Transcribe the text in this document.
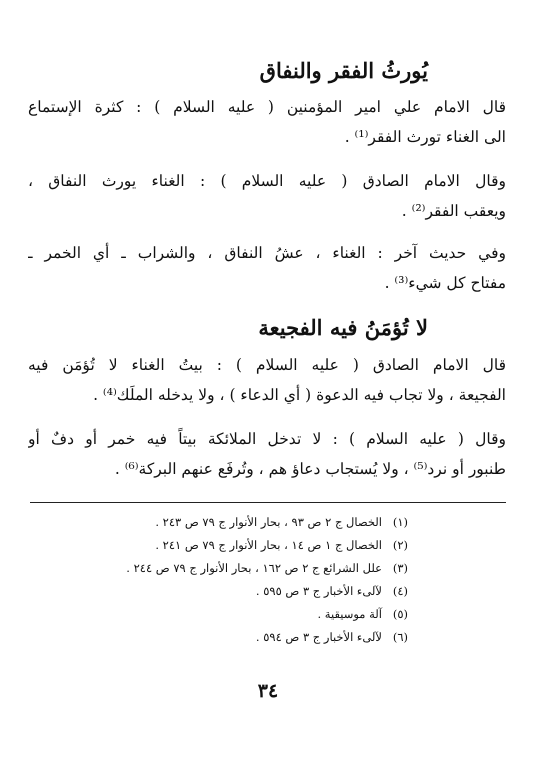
يُورثُ الفقر والنفاق
قال الامام علي امير المؤمنين ( عليه السلام ) : كثرة الإستماع
الى الغناء تورث الفقر⁽¹⁾ .
وقال الامام الصادق ( عليه السلام ) : الغناء يورث النفاق ،
ويعقب الفقر⁽²⁾ .
وفي حديث آخر : الغناء ، عشُ النفاق ، والشراب ـ أي الخمر ـ
مفتاح كل شيء⁽³⁾ .
لا تُؤمَنُ فيه الفجيعة
قال الامام الصادق ( عليه السلام ) : بيتُ الغناء لا تُؤمَن فيه
الفجيعة ، ولا تجاب فيه الدعوة ( أي الدعاء ) ، ولا يدخله الملَك⁽⁴⁾ .
وقال ( عليه السلام ) : لا تدخل الملائكة بيتاً فيه خمر أو دفٌ أو
طنبور أو نرد⁽⁵⁾ ، ولا يُستجاب دعاؤ هم ، وتُرفَع عنهم البركة⁽⁶⁾ .
(١)الخصال ج ٢ ص ٩٣ ، بحار الأنوار ج ٧٩ ص ٢٤٣ .
(٢)الخصال ج ١ ص ١٤ ، بحار الأنوار ج ٧٩ ص ٢٤١ .
(٣)علل الشرائع ج ٢ ص ١٦٢ ، بحار الأنوار ج ٧٩ ص ٢٤٤ .
(٤)لآلىء الأخبار ج ٣ ص ٥٩٥ .
(٥)آلة موسيقية .
(٦)لآلىء الأخبار ج ٣ ص ٥٩٤ .
٣٤
